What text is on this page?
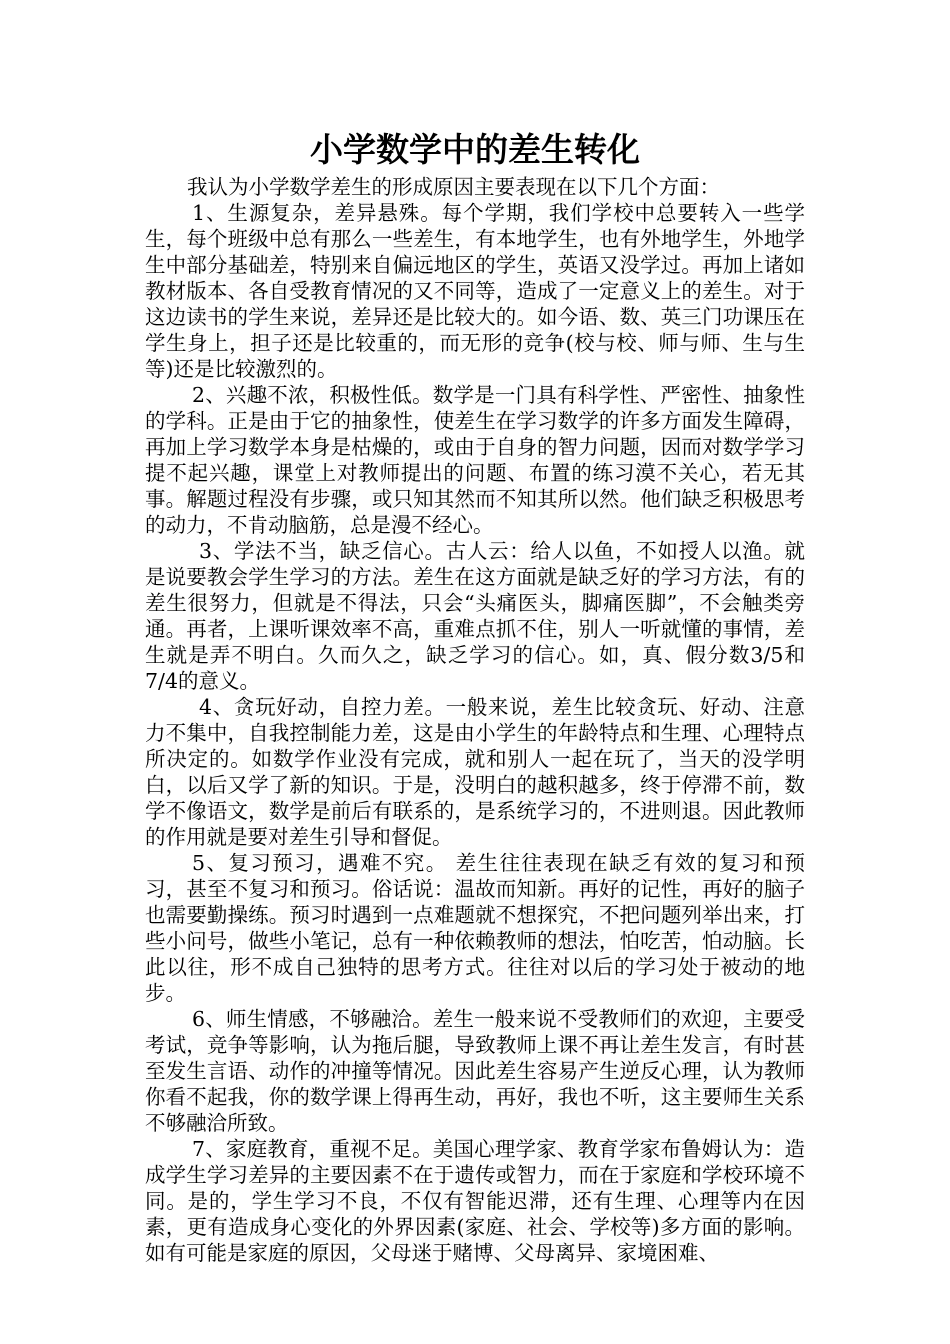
小学数学中的差生转化

我认为小学数学差生的形成原因主要表现在以下几个方面：

1、生源复杂，差异悬殊。每个学期，我们学校中总要转入一些学生，每个班级中总有那么一些差生，有本地学生，也有外地学生，外地学生中部分基础差，特别来自偏远地区的学生，英语又没学过。再加上诸如教材版本、各自受教育情况的又不同等，造成了一定意义上的差生。对于这边读书的学生来说，差异还是比较大的。如今语、数、英三门功课压在学生身上，担子还是比较重的，而无形的竞争(校与校、师与师、生与生等)还是比较激烈的。

2、兴趣不浓，积极性低。数学是一门具有科学性、严密性、抽象性的学科。正是由于它的抽象性，使差生在学习数学的许多方面发生障碍，再加上学习数学本身是枯燥的，或由于自身的智力问题，因而对数学学习提不起兴趣，课堂上对教师提出的问题、布置的练习漠不关心，若无其事。解题过程没有步骤，或只知其然而不知其所以然。他们缺乏积极思考的动力，不肯动脑筋，总是漫不经心。

3、学法不当，缺乏信心。古人云：给人以鱼，不如授人以渔。就是说要教会学生学习的方法。差生在这方面就是缺乏好的学习方法，有的差生很努力，但就是不得法，只会“头痛医头，脚痛医脚”，不会触类旁通。再者，上课听课效率不高，重难点抓不住，别人一听就懂的事情，差生就是弄不明白。久而久之，缺乏学习的信心。如，真、假分数3/5和7/4的意义。

4、贪玩好动，自控力差。一般来说，差生比较贪玩、好动、注意力不集中，自我控制能力差，这是由小学生的年龄特点和生理、心理特点所决定的。如数学作业没有完成，就和别人一起在玩了，当天的没学明白，以后又学了新的知识。于是，没明白的越积越多，终于停滞不前，数学不像语文，数学是前后有联系的，是系统学习的，不进则退。因此教师的作用就是要对差生引导和督促。

5、复习预习，遇难不究。 差生往往表现在缺乏有效的复习和预习，甚至不复习和预习。俗话说：温故而知新。再好的记性，再好的脑子也需要勤操练。预习时遇到一点难题就不想探究，不把问题列举出来，打些小问号，做些小笔记，总有一种依赖教师的想法，怕吃苦，怕动脑。长此以往，形不成自己独特的思考方式。往往对以后的学习处于被动的地步。

6、师生情感，不够融洽。差生一般来说不受教师们的欢迎，主要受考试，竞争等影响，认为拖后腿，导致教师上课不再让差生发言，有时甚至发生言语、动作的冲撞等情况。因此差生容易产生逆反心理，认为教师你看不起我，你的数学课上得再生动，再好，我也不听，这主要师生关系不够融洽所致。

7、家庭教育，重视不足。美国心理学家、教育学家布鲁姆认为：造成学生学习差异的主要因素不在于遗传或智力，而在于家庭和学校环境不同。是的，学生学习不良，不仅有智能迟滞，还有生理、心理等内在因素，更有造成身心变化的外界因素(家庭、社会、学校等)多方面的影响。如有可能是家庭的原因，父母迷于赌博、父母离异、家境困难、
